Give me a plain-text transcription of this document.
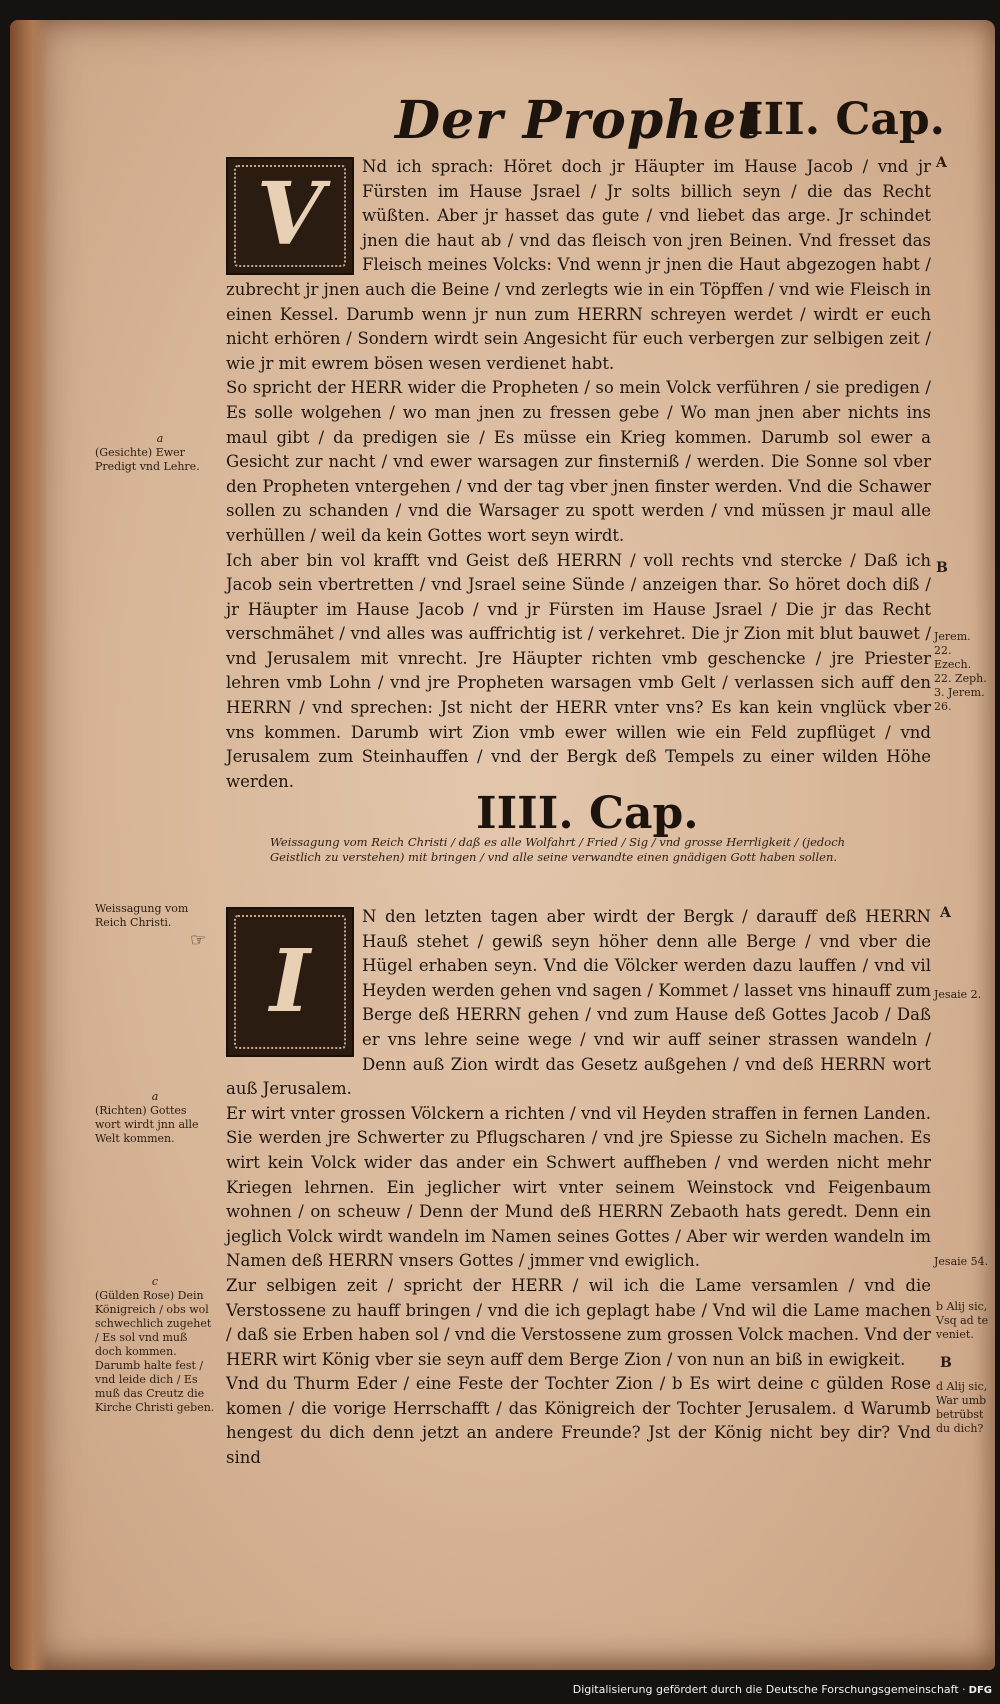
Der Prophet
III. Cap.
V	Nd ich sprach: Höret doch jr Häupter im Hause Jacob / vnd jr Fürsten im Hause Jsrael / Jr solts billich seyn / die das Recht wüßten. Aber jr hasset das gute / vnd liebet das arge. Jr schindet jnen die haut ab / vnd das fleisch von jren Beinen. Vnd fresset das Fleisch meines Volcks: Vnd wenn jr jnen die Haut abgezogen habt / zubrecht jr jnen auch die Beine / vnd zerlegts wie in ein Töpffen / vnd wie Fleisch in einen Kessel. Darumb wenn jr nun zum HERRN schreyen werdet / wirdt er euch nicht erhören / Sondern wirdt sein Angesicht für euch verbergen zur selbigen zeit / wie jr mit ewrem bösen wesen verdienet habt.

So spricht der HERR wider die Propheten / so mein Volck verführen / sie predigen / Es solle wolgehen / wo man jnen zu fressen gebe / Wo man jnen aber nichts ins maul gibt / da predigen sie / Es müsse ein Krieg kommen. Darumb sol ewer a Gesicht zur nacht / vnd ewer warsagen zur finsterniß / werden. Die Sonne sol vber den Propheten vntergehen / vnd der tag vber jnen finster werden. Vnd die Schawer sollen zu schanden / vnd die Warsager zu spott werden / vnd müssen jr maul alle verhüllen / weil da kein Gottes wort seyn wirdt.

Ich aber bin vol krafft vnd Geist deß HERRN / voll rechts vnd stercke / Daß ich Jacob sein vbertretten / vnd Jsrael seine Sünde / anzeigen thar. So höret doch diß / jr Häupter im Hause Jacob / vnd jr Fürsten im Hause Jsrael / Die jr das Recht verschmähet / vnd alles was auffrichtig ist / verkehret. Die jr Zion mit blut bauwet / vnd Jerusalem mit vnrecht. Jre Häupter richten vmb geschencke / jre Priester lehren vmb Lohn / vnd jre Propheten warsagen vmb Gelt / verlassen sich auff den HERRN / vnd sprechen: Jst nicht der HERR vnter vns? Es kan kein vnglück vber vns kommen. Darumb wirt Zion vmb ewer willen wie ein Feld zupflüget / vnd Jerusalem zum Steinhauffen / vnd der Bergk deß Tempels zu einer wilden Höhe werden.

IIII. Cap.
Weissagung vom Reich Christi / daß es alle Wolfahrt / Fried / Sig / vnd grosse Herrligkeit / (jedoch Geistlich zu verstehen) mit bringen / vnd alle seine verwandte einen gnädigen Gott haben sollen.
I

N den letzten tagen aber wirdt der Bergk / darauff deß HERRN Hauß stehet / gewiß seyn höher denn alle Berge / vnd vber die Hügel erhaben seyn. Vnd die Völcker werden dazu lauffen / vnd vil Heyden werden gehen vnd sagen / Kommet / lasset vns hinauff zum Berge deß HERRN gehen / vnd zum Hause deß Gottes Jacob / Daß er vns lehre seine wege / vnd wir auff seiner strassen wandeln / Denn auß Zion wirdt das Gesetz außgehen / vnd deß HERRN wort auß Jerusalem.

Er wirt vnter grossen Völckern a richten / vnd vil Heyden straffen in fernen Landen. Sie werden jre Schwerter zu Pflugscharen / vnd jre Spiesse zu Sicheln machen. Es wirt kein Volck wider das ander ein Schwert auffheben / vnd werden nicht mehr Kriegen lehrnen. Ein jeglicher wirt vnter seinem Weinstock vnd Feigenbaum wohnen / on scheuw / Denn der Mund deß HERRN Zebaoth hats geredt. Denn ein jeglich Volck wirdt wandeln im Namen seines Gottes / Aber wir werden wandeln im Namen deß HERRN vnsers Gottes / jmmer vnd ewiglich.

Zur selbigen zeit / spricht der HERR / wil ich die Lame versamlen / vnd die Verstossene zu hauff bringen / vnd die ich geplagt habe / Vnd wil die Lame machen / daß sie Erben haben sol / vnd die Verstossene zum grossen Volck machen. Vnd der HERR wirt König vber sie seyn auff dem Berge Zion / von nun an biß in ewigkeit.

Vnd du Thurm Eder / eine Feste der Tochter Zion / b Es wirt deine c gülden Rose komen / die vorige Herrschafft / das Königreich der Tochter Jerusalem. d Warumb hengest du dich denn jetzt an andere Freunde? Jst der König nicht bey dir? Vnd sind

a
(Gesichte) Ewer Predigt vnd Lehre.
Weissagung vom Reich Christi.
☞
a
(Richten) Gottes wort wirdt jnn alle Welt kommen.
c
(Gülden Rose) Dein Königreich / obs wol schwechlich zugehet / Es sol vnd muß doch kommen. Darumb halte fest / vnd leide dich / Es muß das Creutz die Kirche Christi geben.
A
B
Jerem. 22. Ezech. 22. Zeph. 3. Jerem. 26.
A
Jesaie 2.
Jesaie 54.
b Alij sic, Vsq ad te veniet.
B
d Alij sic, War umb betrübst du dich?
Digitalisierung gefördert durch die Deutsche Forschungsgemeinschaft · DFG
